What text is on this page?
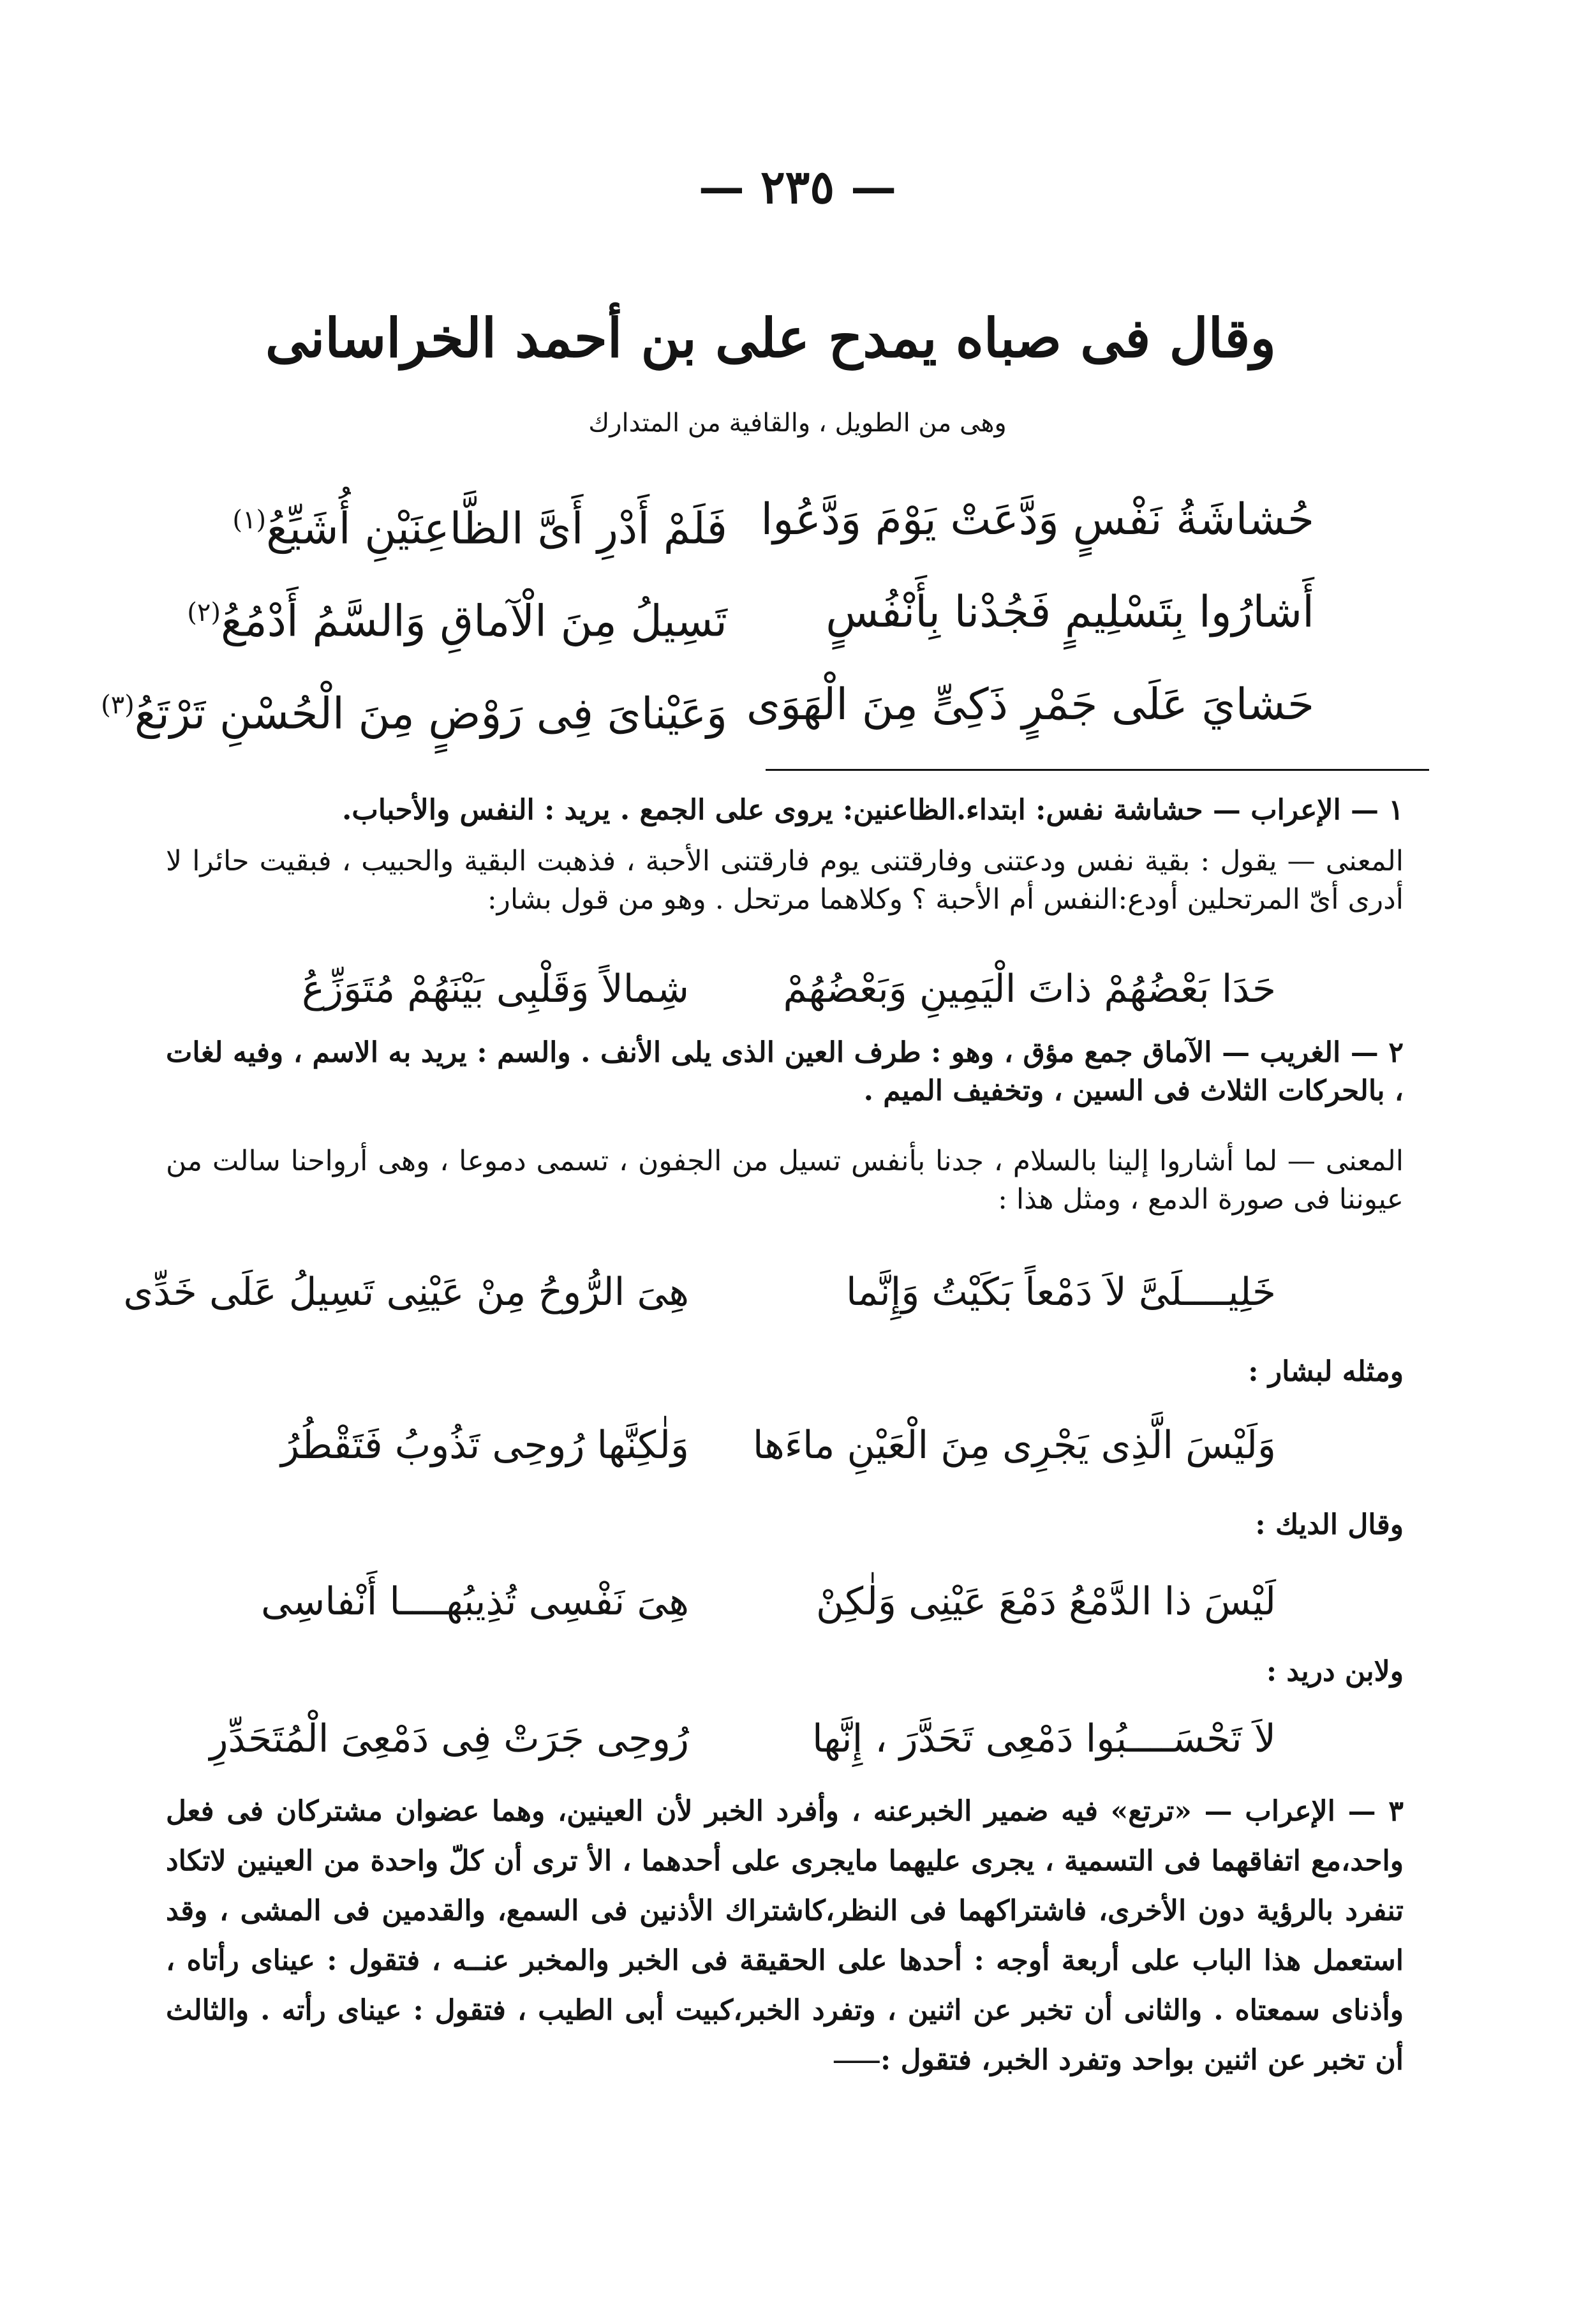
— ٢٣٥ —
وقال فى صباه يمدح على بن أحمد الخراسانى
وهى من الطويل ، والقافية من المتدارك
حُشاشَةُ نَفْسٍ وَدَّعَتْ يَوْمَ وَدَّعُوا
فَلَمْ أَدْرِ أَىَّ الظَّاعِنَيْنِ أُشَيِّعُ$^{(١)}$
أَشارُوا بِتَسْلِيمٍ فَجُدْنا بِأَنْفُسٍ
تَسِيلُ مِنَ الْآماقِ وَالسَّمُ أَدْمُعُ$^{(٢)}$
حَشايَ عَلَى جَمْرٍ ذَكِىٍّ مِنَ الْهَوَى
وَعَيْناىَ فِى رَوْضٍ مِنَ الْحُسْنِ تَرْتَعُ$^{(٣)}$
١ — الإعراب — حشاشة نفس: ابتداء.الظاعنين: يروى على الجمع . يريد : النفس والأحباب.
المعنى — يقول : بقية نفس ودعتنى وفارقتنى يوم فارقتنى الأحبة ، فذهبت البقية والحبيب ، فبقيت حائرا لا أدرى أىّ المرتحلين أودع:النفس أم الأحبة ؟ وكلاهما مرتحل . وهو من قول بشار:
حَدَا بَعْضُهُمْ ذاتَ الْيَمِينِ وَبَعْضُهُمْ
شِمالاً وَقَلْبِى بَيْنَهُمْ مُتَوَزِّعُ
٢ — الغريب — الآماق جمع مؤق ، وهو : طرف العين الذى يلى الأنف . والسم : يريد به الاسم ، وفيه لغات ، بالحركات الثلاث فى السين ، وتخفيف الميم .
المعنى — لما أشاروا إلينا بالسلام ، جدنا بأنفس تسيل من الجفون ، تسمى دموعا ، وهى أرواحنا سالت من عيوننا فى صورة الدمع ، ومثل هذا :
خَلِيــــلَىَّ لاَ دَمْعاً بَكَيْتُ وَإِنَّما
هِىَ الرُّوحُ مِنْ عَيْنِى تَسِيلُ عَلَى خَدِّى
ومثله لبشار :
وَلَيْسَ الَّذِى يَجْرِى مِنَ الْعَيْنِ ماءَها
وَلٰكِنَّها رُوحِى تَذُوبُ فَتَقْطُرُ
وقال الديك :
لَيْسَ ذا الدَّمْعُ دَمْعَ عَيْنِى وَلٰكِنْ
هِىَ نَفْسِى تُذِيبُهــــا أَنْفاسِى
ولابن دريد :
لاَ تَحْسَــــبُوا دَمْعِى تَحَدَّرَ ، إِنَّها
رُوحِى جَرَتْ فِى دَمْعِىَ الْمُتَحَدِّرِ
٣ — الإعراب — «ترتع» فيه ضمير الخبرعنه ، وأفرد الخبر لأن العينين، وهما عضوان مشتركان فى فعل واحد،مع اتفاقهما فى التسمية ، يجرى عليهما مايجرى على أحدهما ، الأ ترى أن كلّ واحدة من العينين لاتكاد تنفرد بالرؤية دون الأخرى، فاشتراكهما فى النظر،كاشتراك الأذنين فى السمع، والقدمين فى المشى ، وقد استعمل هذا الباب على أربعة أوجه : أحدها على الحقيقة فى الخبر والمخبر عنــه ، فتقول : عيناى رأتاه ، وأذناى سمعتاه . والثانى أن تخبر عن اثنين ، وتفرد الخبر،كبيت أبى الطيب ، فتقول : عيناى رأته . والثالث أن تخبر عن اثنين بواحد وتفرد الخبر، فتقول :⸺
